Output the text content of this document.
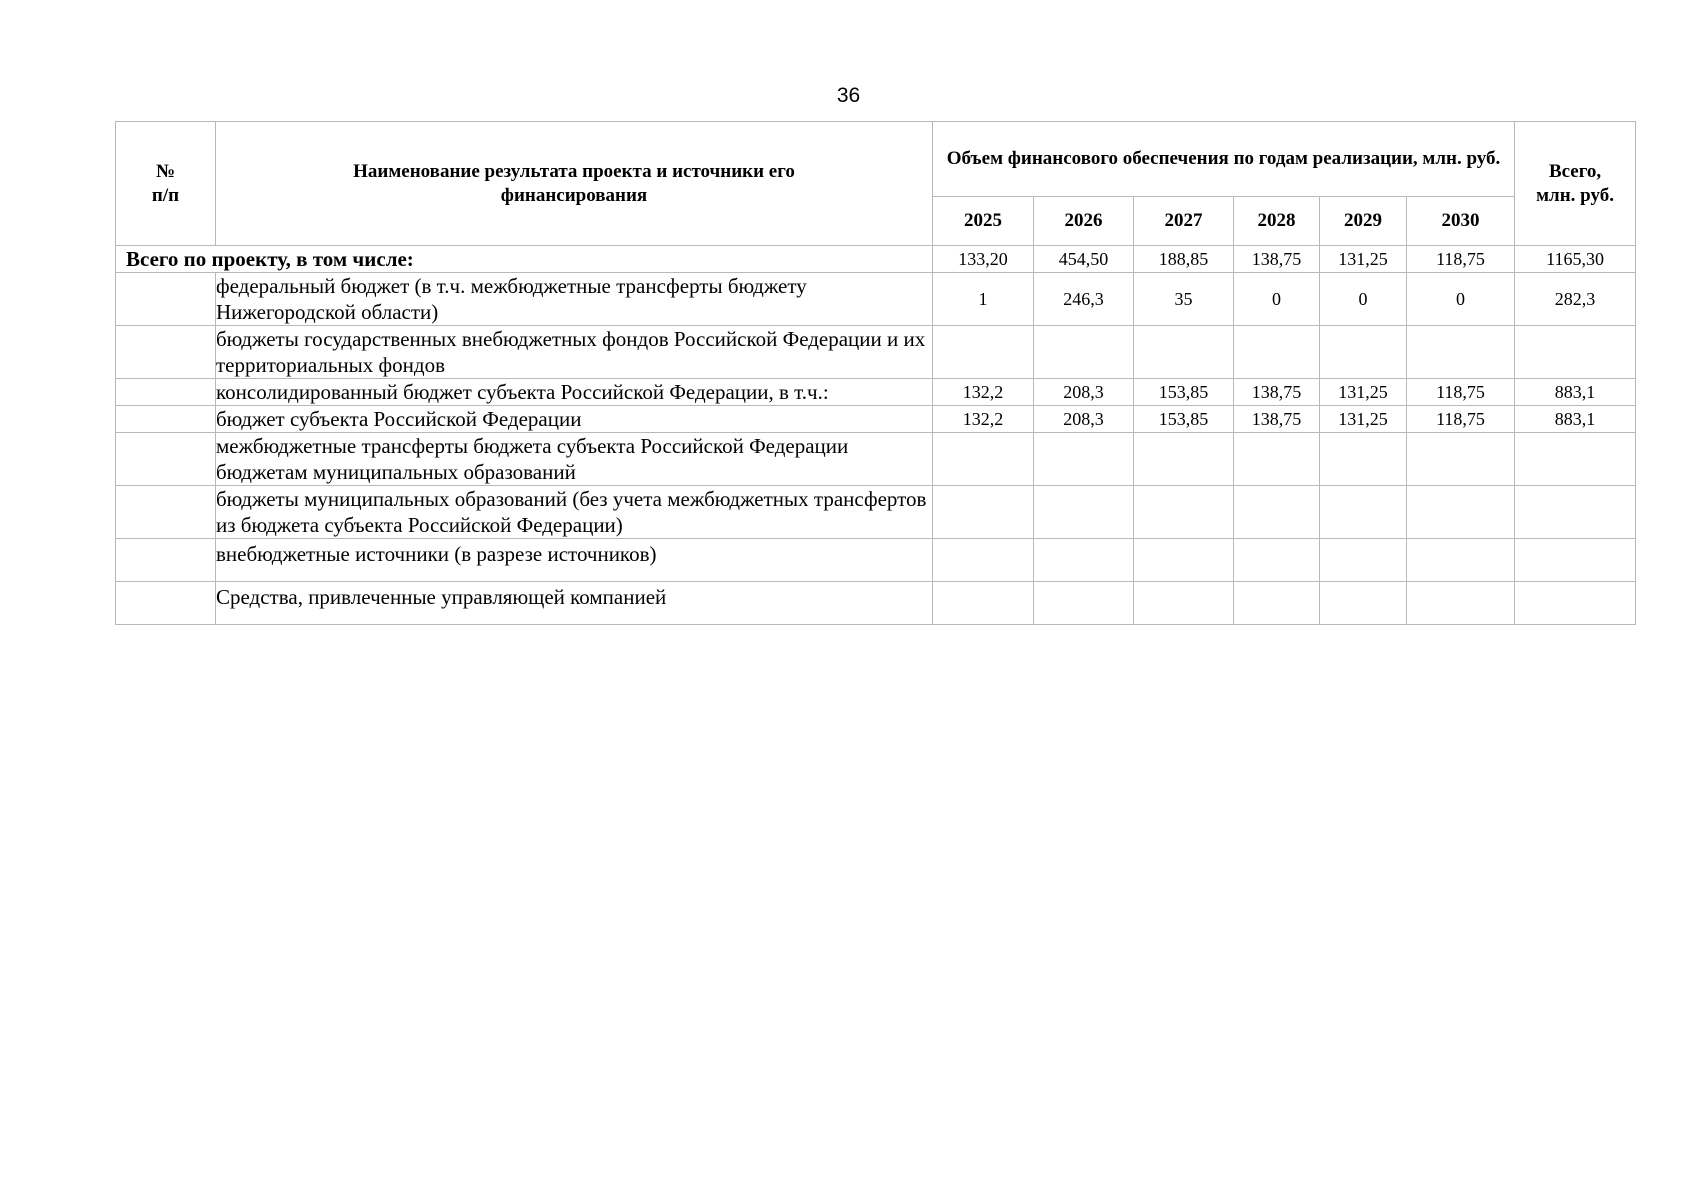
36
№
п/п	Наименование результата проекта и источники его финансирования	Объем финансового обеспечения по годам реализации, млн. руб.						Всего,
млн. руб.
		2025	2026	2027	2028	2029	2030	
Всего по проекту, в том числе:		133,20	454,50	188,85	138,75	131,25	118,75	1165,30
	федеральный бюджет (в т.ч. межбюджетные трансферты бюджету Нижегородской области)	1	246,3	35	0	0	0	282,3
	бюджеты государственных внебюджетных фондов Российской Федерации и их территориальных фондов							
	консолидированный бюджет субъекта Российской Федерации, в т.ч.:	132,2	208,3	153,85	138,75	131,25	118,75	883,1
	бюджет субъекта Российской Федерации	132,2	208,3	153,85	138,75	131,25	118,75	883,1
	межбюджетные трансферты бюджета субъекта Российской Федерации бюджетам муниципальных образований							
	бюджеты муниципальных образований (без учета межбюджетных трансфертов из бюджета субъекта Российской Федерации)							
	внебюджетные источники (в разрезе источников)							
	Средства, привлеченные управляющей компанией							
